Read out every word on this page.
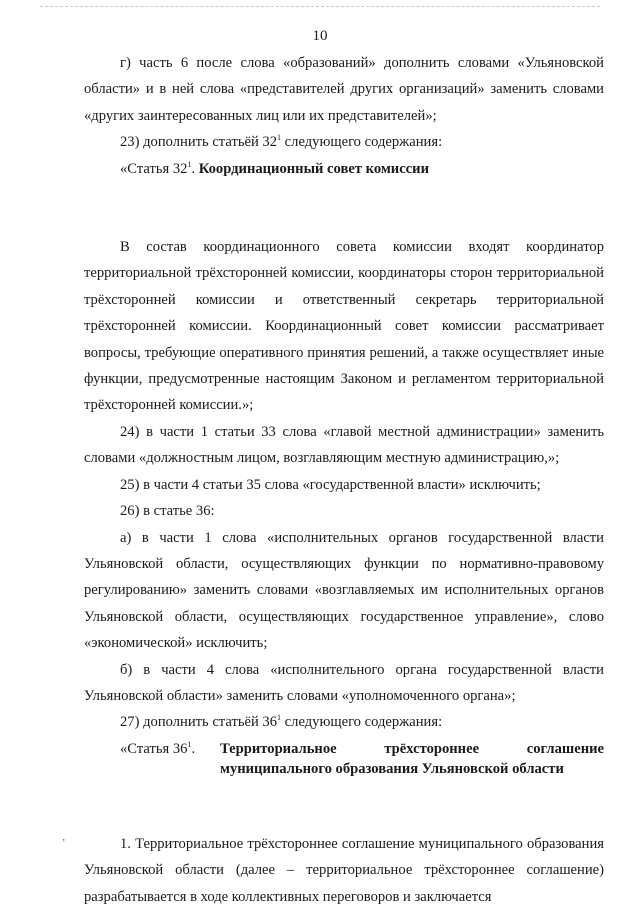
10

г) часть 6 после слова «образований» дополнить словами «Ульяновской области» и в ней слова «представителей других организаций» заменить словами «других заинтересованных лиц или их представителей»;

23) дополнить статьёй $32^1$ следующего содержания:

«Статья $32^1$. Координационный совет комиссии

В состав координационного совета комиссии входят координатор территориальной трёхсторонней комиссии, координаторы сторон территориальной трёхсторонней комиссии и ответственный секретарь территориальной трёхсторонней комиссии. Координационный совет комиссии рассматривает вопросы, требующие оперативного принятия решений, а также осуществляет иные функции, предусмотренные настоящим Законом и регламентом территориальной трёхсторонней комиссии.»;

24) в части 1 статьи 33 слова «главой местной администрации» заменить словами «должностным лицом, возглавляющим местную администрацию,»;

25) в части 4 статьи 35 слова «государственной власти» исключить;

26) в статье 36:

а) в части 1 слова «исполнительных органов государственной власти Ульяновской области, осуществляющих функции по нормативно-правовому регулированию» заменить словами «возглавляемых им исполнительных органов Ульяновской области, осуществляющих государственное управление», слово «экономической» исключить;

б) в части 4 слова «исполнительного органа государственной власти Ульяновской области» заменить словами «уполномоченного органа»;

27) дополнить статьёй $36^1$ следующего содержания:

«Статья $36^1$.	Территориальное	трёхстороннее	соглашение
муниципального образования Ульяновской области

1. Территориальное трёхстороннее соглашение муниципального образования Ульяновской области (далее – территориальное трёхстороннее соглашение) разрабатывается в ходе коллективных переговоров и заключается

‚
